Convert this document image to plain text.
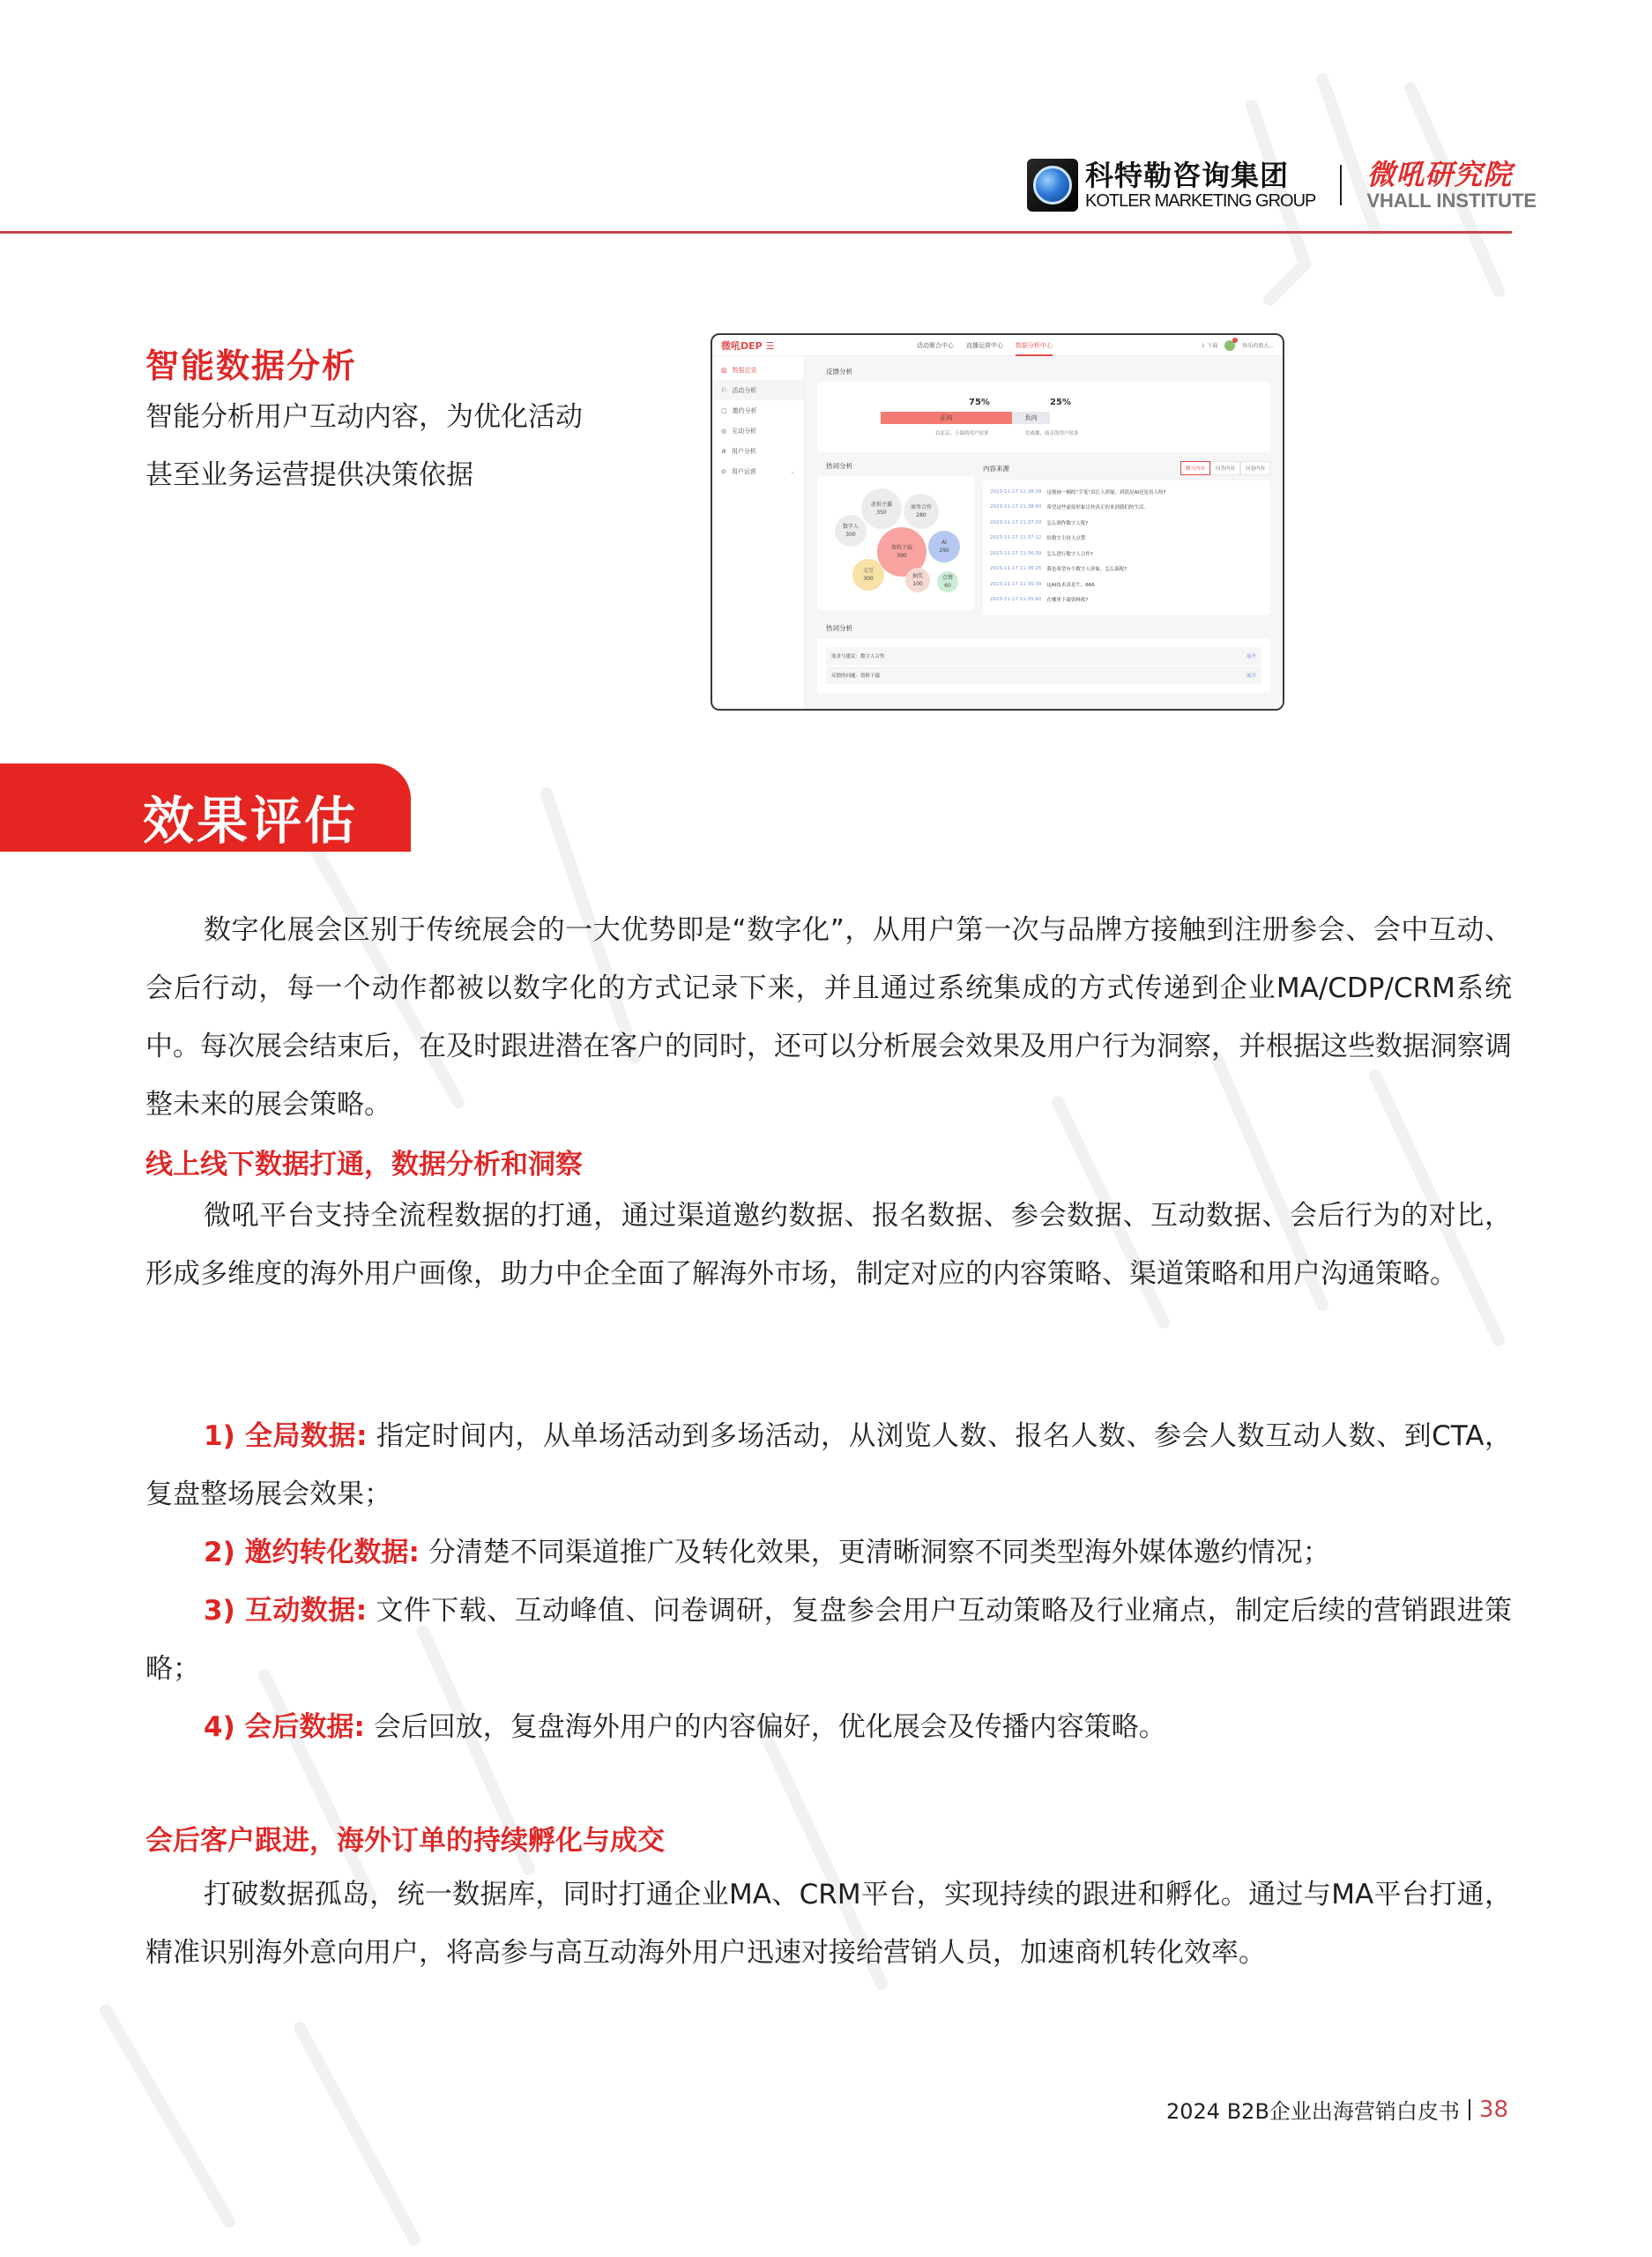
科特勒咨询集团
KOTLER MARKETING GROUP
微吼研究院
VHALL INSTITUTE
智能数据分析
智能分析用户互动内容，为优化活动
甚至业务运营提供决策依据
微吼DEP ☰	活动聚合中心 直播运营中心 数据分析中心	⇩ 下载	快乐的浪大...
▥ 数据总览
⚐ 活动分析
▢ 邀约分析
◎ 互动分析
⋔ 用户分析
⊙ 用户运营	⌄
反馈分析
75%	25%
正向	负向
以北京、上海的用户居多	以成都、南京的用户居多
热词分析
虚拟主播
350
商务合作
280
数字人
300
资料下载
390
AI
290
交互
300	抽奖
100
点赞
60
内容来源	聊天内容	问答内容	问卷内容
2023-11-17 11:38:39 这刻画一楠的“手笔”真让人质疑，到底是AI还是真人呀?
2023-11-17 11:38:40 希望这些虚拟形象尽快真正的来到我们的生活。
2023-11-17 11:37:20 怎么制作数字人呢?
2023-11-17 11:37:12 给数字主持人点赞
2023-11-17 11:36:39 怎么进行数字人合作?
2023-11-17 11:36:25 我也希望有个数字人形象，怎么搞呢?
2023-11-17 11:35:39 这AI技术真是牛，666
2023-11-17 11:35:40 在哪里下载资料呢?
热词分析
需求与建议：数字人合作	展开
反馈的问题：资料下载	展开
效果评估

数字化展会区别于传统展会的一大优势即是“数字化”，从用户第一次与品牌方接触到注册参会、会中互动、会后行动，每一个动作都被以数字化的方式记录下来，并且通过系统集成的方式传递到企业MA/CDP/CRM系统中。每次展会结束后，在及时跟进潜在客户的同时，还可以分析展会效果及用户行为洞察，并根据这些数据洞察调整未来的展会策略。

线上线下数据打通，数据分析和洞察

微吼平台支持全流程数据的打通，通过渠道邀约数据、报名数据、参会数据、互动数据、会后行为的对比，形成多维度的海外用户画像，助力中企全面了解海外市场，制定对应的内容策略、渠道策略和用户沟通策略。

1) 全局数据: 指定时间内，从单场活动到多场活动，从浏览人数、报名人数、参会人数互动人数、到CTA，复盘整场展会效果；

2) 邀约转化数据: 分清楚不同渠道推广及转化效果，更清晰洞察不同类型海外媒体邀约情况；

3) 互动数据: 文件下载、互动峰值、问卷调研，复盘参会用户互动策略及行业痛点，制定后续的营销跟进策略；

4) 会后数据: 会后回放，复盘海外用户的内容偏好，优化展会及传播内容策略。

会后客户跟进，海外订单的持续孵化与成交

打破数据孤岛，统一数据库，同时打通企业MA、CRM平台，实现持续的跟进和孵化。通过与MA平台打通，精准识别海外意向用户，将高参与高互动海外用户迅速对接给营销人员，加速商机转化效率。

2024 B2B企业出海营销白皮书 38
